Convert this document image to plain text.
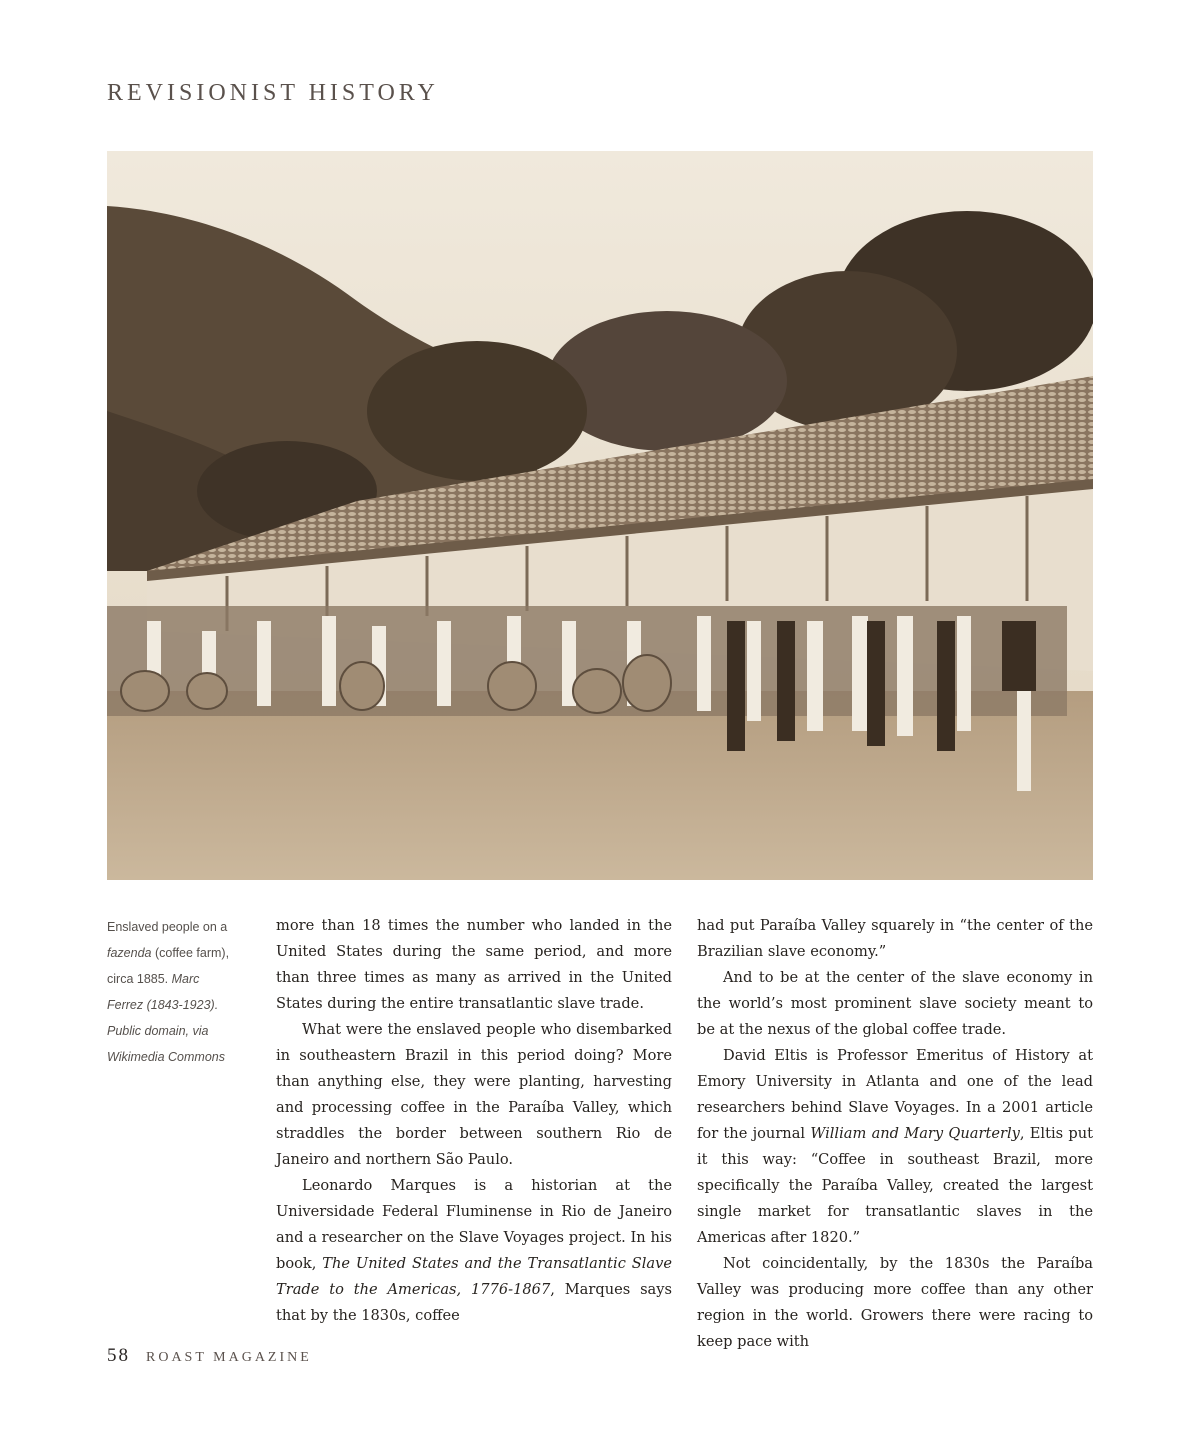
REVISIONIST HISTORY

Enslaved people on a fazenda (coffee farm), circa 1885. Marc Ferrez (1843-1923). Public domain, via Wikimedia Commons

more than 18 times the number who landed in the United States during the same period, and more than three times as many as arrived in the United States during the entire transatlantic slave trade.

What were the enslaved people who disembarked in southeastern Brazil in this period doing? More than anything else, they were planting, harvesting and processing coffee in the Paraíba Valley, which straddles the border between southern Rio de Janeiro and northern São Paulo.

Leonardo Marques is a historian at the Universidade Federal Fluminense in Rio de Janeiro and a researcher on the Slave Voyages project. In his book, The United States and the Transatlantic Slave Trade to the Americas, 1776-1867, Marques says that by the 1830s, coffee

had put Paraíba Valley squarely in “the center of the Brazilian slave economy.”

And to be at the center of the slave economy in the world’s most prominent slave society meant to be at the nexus of the global coffee trade.

David Eltis is Professor Emeritus of History at Emory University in Atlanta and one of the lead researchers behind Slave Voyages. In a 2001 article for the journal William and Mary Quarterly, Eltis put it this way: “Coffee in southeast Brazil, more specifically the Paraíba Valley, created the largest single market for transatlantic slaves in the Americas after 1820.”

Not coincidentally, by the 1830s the Paraíba Valley was producing more coffee than any other region in the world. Growers there were racing to keep pace with

58 ROAST MAGAZINE
